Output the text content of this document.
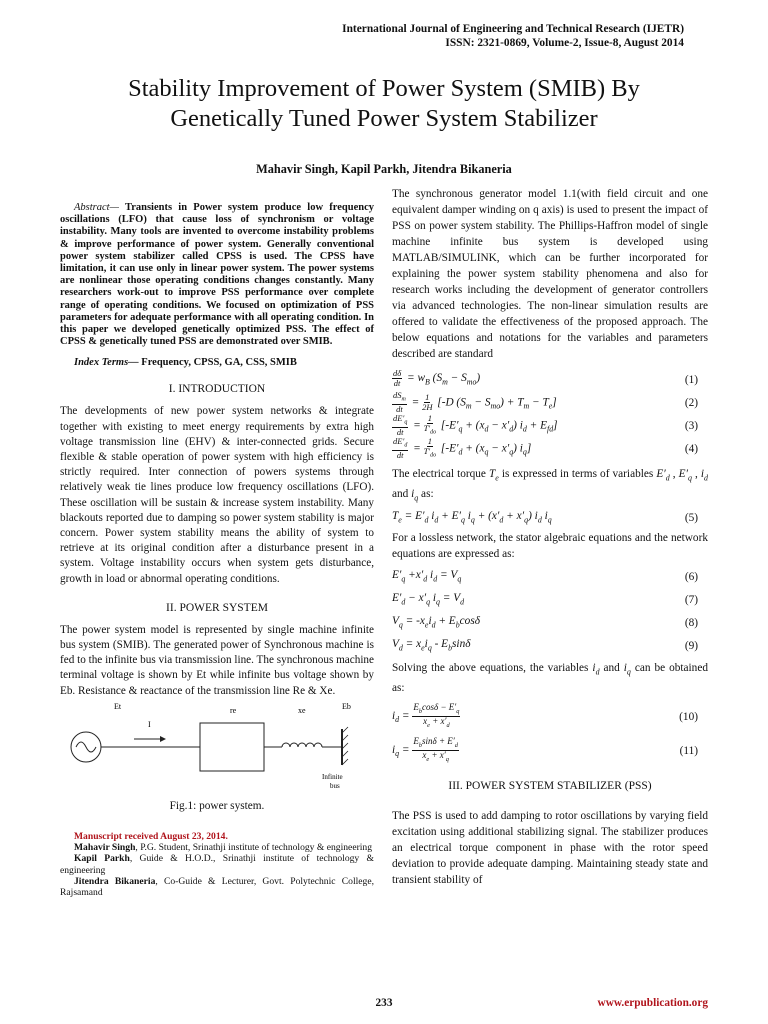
International Journal of Engineering and Technical Research (IJETR)
ISSN: 2321-0869, Volume-2, Issue-8, August 2014
Stability Improvement of Power System (SMIB) By
Genetically Tuned Power System Stabilizer
Mahavir Singh, Kapil Parkh, Jitendra Bikaneria

Abstract— Transients in Power system produce low frequency oscillations (LFO) that cause loss of synchronism or voltage instability. Many tools are invented to overcome instability problems & improve performance of power system. Generally conventional power system stabilizer called CPSS is used. The CPSS have limitation, it can use only in linear power system. The power systems are nonlinear those operating conditions changes constantly. Many researchers work-out to improve PSS performance over complete range of operating conditions. We focused on optimization of PSS parameters for adequate performance with all operating condition. In this paper we developed genetically optimized PSS. The effect of CPSS & genetically tuned PSS are demonstrated over SMIB.

Index Terms— Frequency, CPSS, GA, CSS, SMIB

I. INTRODUCTION

The developments of new power system networks & integrate together with existing to meet energy requirements by extra high voltage transmission line (EHV) & inter-connected grids. Secure flexible & stable operation of power system with high efficiency is strictly required. Inter connection of powers systems through relatively weak tie lines produce low frequency oscillations (LFO). These oscillation will be sustain & increase system instability. Many blackouts reported due to damping so power system stability is major concern. Power system stability means the ability of system to retrieve at its original condition after a disturbance present in a system. Voltage instability occurs when system gets disturbance, growth in load or abnormal operating conditions.

II. POWER SYSTEM

The power system model is represented by single machine infinite bus system (SMIB). The generated power of Synchronous machine is fed to the infinite bus via transmission line. The synchronous machine terminal voltage is shown by Et while infinite bus voltage shown by Eb. Resistance & reactance of the transmission line Re & Xe.

Et
I
re	xe	Eb
Infinite
bus
Fig.1: power system.
Manuscript received August 23, 2014.

Mahavir Singh, P.G. Student, Srinathji institute of technology & engineering

Kapil Parkh, Guide & H.O.D., Srinathji institute of technology & engineering

Jitendra Bikaneria, Co-Guide & Lecturer, Govt. Polytechnic College, Rajsamand

The synchronous generator model 1.1(with field circuit and one equivalent damper winding on q axis) is used to present the impact of PSS on power system stability. The Phillips-Haffron model of single machine infinite bus system is developed using MATLAB/SIMULINK, which can be further incorporated for explaining the power system stability phenomena and also for research works including the development of generator controllers via advanced technologies. The non-linear simulation results are offered to validate the effectiveness of the proposed approach. The below equations and notations for the variables and parameters described are standard

$\frac{d\delta}{dt} = w_B$ $(S_m - S_{mo})$	(1)
$\frac{dS_m}{dt} = \frac{1}{2H} [-D$ $(S_m - S_{mo}) + T_m - T_e$]	(2)
$\frac{dE'_q}{dt} = \frac{1}{T'_{do}} [-E'_q + (x_d - x'_d) i_d + E_{fd}]$	(3)
$\frac{dE'_d}{dt} = \frac{1}{T'_{do}} [-E'_d + (x_q - x'_q)$ $i_q$]	(4)

The electrical torque $T_e$ is expressed in terms of variables $E'_d$ , $E'_q$ , $i_d$ and $i_q$ as:

$T_e = E'_d$ $i_d + E'_q$ $i_q + (x'_d + x'_q)$ $i_d$ $i_q$	(5)

For a lossless network, the stator algebraic equations and the network equations are expressed as:

$E'_q +x'_d$ $i_d = V_q$	(6)
$E'_d - x'_q$ $i_q = V_d$	(7)
$V_q = -x_ei_d + E_b\cos\delta$	(8)
$V_d = x_ei_q - E_b\sin\delta$	(9)

Solving the above equations, the variables $i_d$ and $i_q$ can be obtained as:

$i_d = \frac{E_b\cos\delta - E'_q}{x_e + x'_d}$	(10)
$i_q = \frac{E_b\sin\delta + E'_d}{x_e + x'_q}$	(11)
III. POWER SYSTEM STABILIZER (PSS)

The PSS is used to add damping to rotor oscillations by varying field excitation using additional stabilizing signal. The stabilizer produces an electrical torque component in phase with the rotor speed deviation to provide adequate damping. Maintaining steady state and transient stability of

233	www.erpublication.org
